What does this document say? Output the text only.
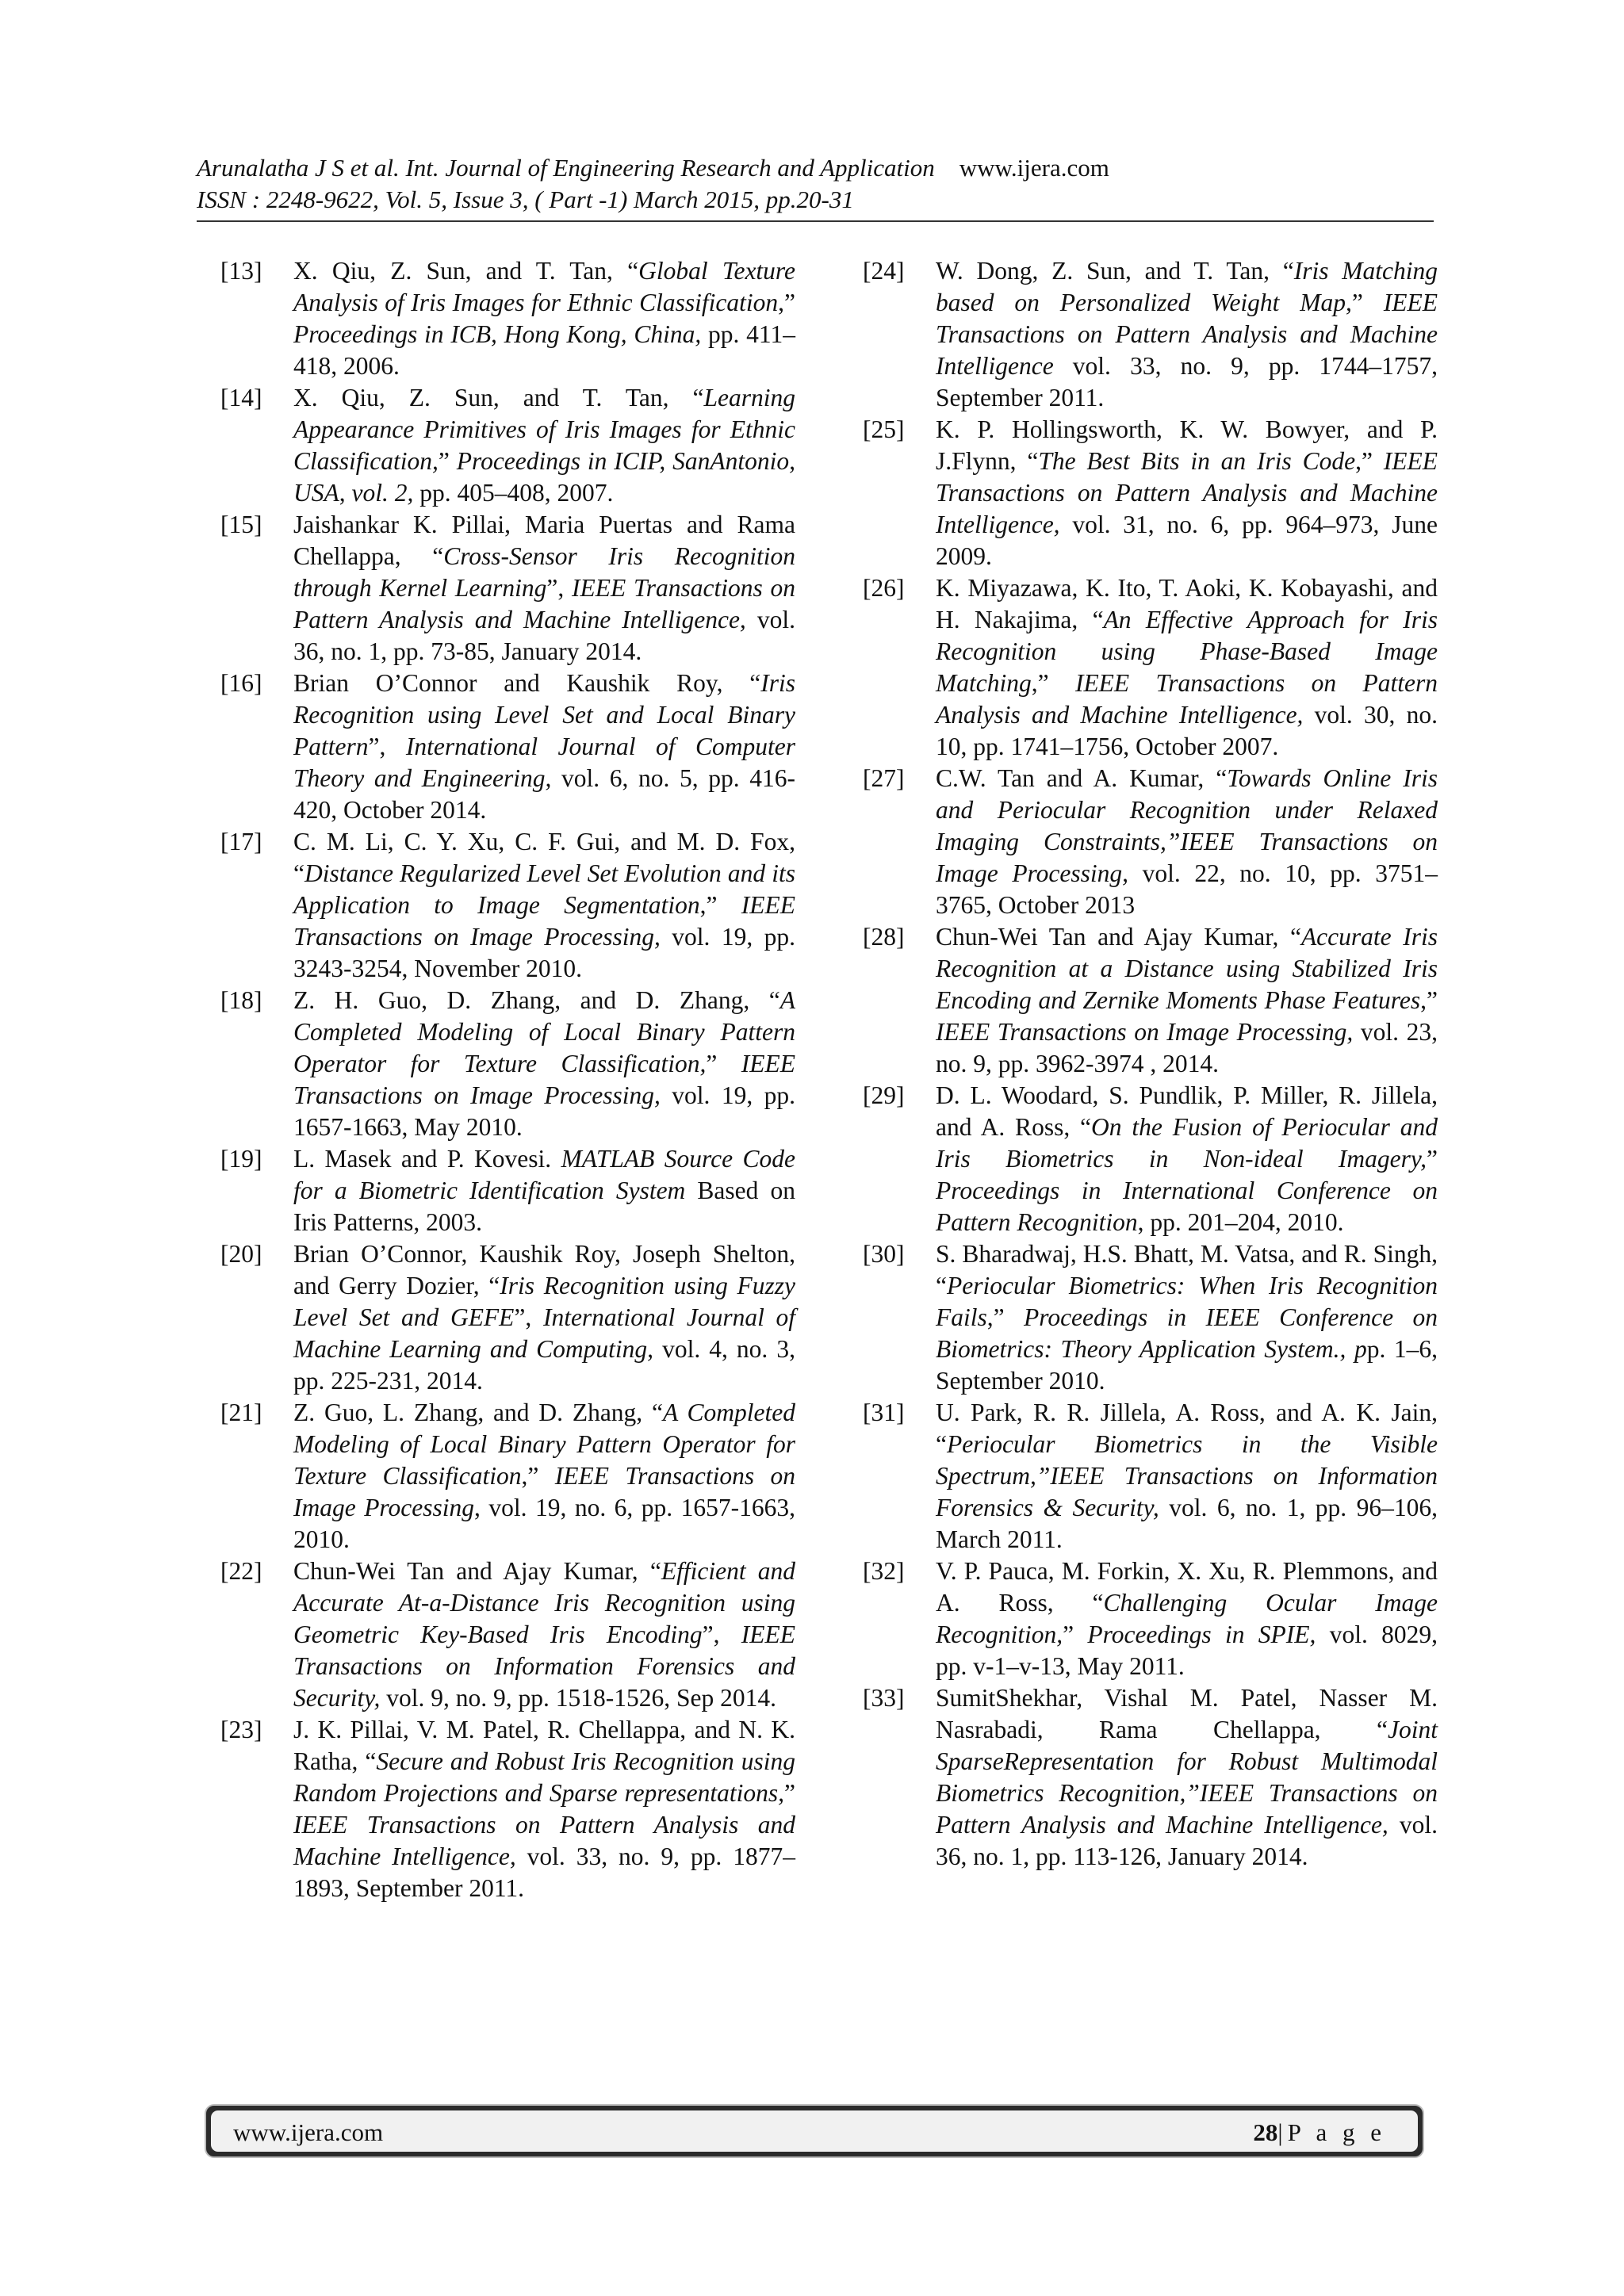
Arunalatha J S et al. Int. Journal of Engineering Research and Application www.ijera.com
ISSN : 2248-9622, Vol. 5, Issue 3, ( Part -1) March 2015, pp.20-31
[13] X. Qiu, Z. Sun, and T. Tan, “Global Texture Analysis of Iris Images for Ethnic Classification,” Proceedings in ICB, Hong Kong, China, pp. 411–418, 2006.
[14] X. Qiu, Z. Sun, and T. Tan, “Learning Appearance Primitives of Iris Images for Ethnic Classification,” Proceedings in ICIP, SanAntonio, USA, vol. 2, pp. 405–408, 2007.
[15] Jaishankar K. Pillai, Maria Puertas and Rama Chellappa, “Cross-Sensor Iris Recognition through Kernel Learning”, IEEE Transactions on Pattern Analysis and Machine Intelligence, vol. 36, no. 1, pp. 73-85, January 2014.
[16] Brian O’Connor and Kaushik Roy, “Iris Recognition using Level Set and Local Binary Pattern”, International Journal of Computer Theory and Engineering, vol. 6, no. 5, pp. 416-420, October 2014.
[17] C. M. Li, C. Y. Xu, C. F. Gui, and M. D. Fox, “Distance Regularized Level Set Evolution and its Application to Image Segmentation,” IEEE Transactions on Image Processing, vol. 19, pp. 3243-3254, November 2010.
[18] Z. H. Guo, D. Zhang, and D. Zhang, “A Completed Modeling of Local Binary Pattern Operator for Texture Classification,” IEEE Transactions on Image Processing, vol. 19, pp. 1657-1663, May 2010.
[19] L. Masek and P. Kovesi. MATLAB Source Code for a Biometric Identification System Based on Iris Patterns, 2003.
[20] Brian O’Connor, Kaushik Roy, Joseph Shelton, and Gerry Dozier, “Iris Recognition using Fuzzy Level Set and GEFE”, International Journal of Machine Learning and Computing, vol. 4, no. 3, pp. 225-231, 2014.
[21] Z. Guo, L. Zhang, and D. Zhang, “A Completed Modeling of Local Binary Pattern Operator for Texture Classification,” IEEE Transactions on Image Processing, vol. 19, no. 6, pp. 1657-1663, 2010.
[22] Chun-Wei Tan and Ajay Kumar, “Efficient and Accurate At-a-Distance Iris Recognition using Geometric Key-Based Iris Encoding”, IEEE Transactions on Information Forensics and Security, vol. 9, no. 9, pp. 1518-1526, Sep 2014.
[23] J. K. Pillai, V. M. Patel, R. Chellappa, and N. K. Ratha, “Secure and Robust Iris Recognition using Random Projections and Sparse representations,” IEEE Transactions on Pattern Analysis and Machine Intelligence, vol. 33, no. 9, pp. 1877–1893, September 2011.
[24] W. Dong, Z. Sun, and T. Tan, “Iris Matching based on Personalized Weight Map,” IEEE Transactions on Pattern Analysis and Machine Intelligence vol. 33, no. 9, pp. 1744–1757, September 2011.
[25] K. P. Hollingsworth, K. W. Bowyer, and P. J.Flynn, “The Best Bits in an Iris Code,” IEEE Transactions on Pattern Analysis and Machine Intelligence, vol. 31, no. 6, pp. 964–973, June 2009.
[26] K. Miyazawa, K. Ito, T. Aoki, K. Kobayashi, and H. Nakajima, “An Effective Approach for Iris Recognition using Phase-Based Image Matching,” IEEE Transactions on Pattern Analysis and Machine Intelligence, vol. 30, no. 10, pp. 1741–1756, October 2007.
[27] C.W. Tan and A. Kumar, “Towards Online Iris and Periocular Recognition under Relaxed Imaging Constraints,”IEEE Transactions on Image Processing, vol. 22, no. 10, pp. 3751–3765, October 2013
[28] Chun-Wei Tan and Ajay Kumar, “Accurate Iris Recognition at a Distance using Stabilized Iris Encoding and Zernike Moments Phase Features,” IEEE Transactions on Image Processing, vol. 23, no. 9, pp. 3962-3974 , 2014.
[29] D. L. Woodard, S. Pundlik, P. Miller, R. Jillela, and A. Ross, “On the Fusion of Periocular and Iris Biometrics in Non-ideal Imagery,” Proceedings in International Conference on Pattern Recognition, pp. 201–204, 2010.
[30] S. Bharadwaj, H.S. Bhatt, M. Vatsa, and R. Singh, “Periocular Biometrics: When Iris Recognition Fails,” Proceedings in IEEE Conference on Biometrics: Theory Application System., pp. 1–6, September 2010.
[31] U. Park, R. R. Jillela, A. Ross, and A. K. Jain, “Periocular Biometrics in the Visible Spectrum,”IEEE Transactions on Information Forensics & Security, vol. 6, no. 1, pp. 96–106, March 2011.
[32] V. P. Pauca, M. Forkin, X. Xu, R. Plemmons, and A. Ross, “Challenging Ocular Image Recognition,” Proceedings in SPIE, vol. 8029, pp. v-1–v-13, May 2011.
[33] SumitShekhar, Vishal M. Patel, Nasser M. Nasrabadi, Rama Chellappa, “Joint SparseRepresentation for Robust Multimodal Biometrics Recognition,”IEEE Transactions on Pattern Analysis and Machine Intelligence, vol. 36, no. 1, pp. 113-126, January 2014.
www.ijera.com	28|P a g e
